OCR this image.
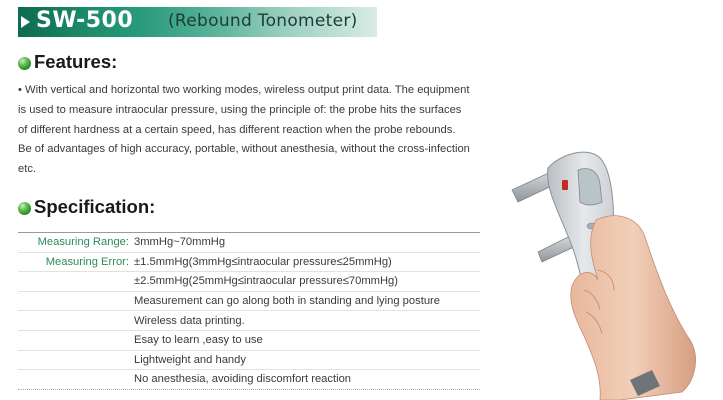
SW-500 (Rebound Tonometer)
Features:

• With vertical and horizontal two working modes, wireless output print data. The equipment

is used to measure intraocular pressure, using the principle of: the probe hits the surfaces

of different hardness at a certain speed, has different reaction when the probe rebounds.

Be of advantages of high accuracy, portable, without anesthesia, without the cross-infection

etc.

Specification:
Measuring Range: 3mmHg~70mmHg
Measuring Error: ±1.5mmHg(3mmHg≤intraocular pressure≤25mmHg)
±2.5mmHg(25mmHg≤intraocular pressure≤70mmHg)
Measurement can go along both in standing and lying posture
Wireless data printing.
Esay to learn ,easy to use
Lightweight and handy
No anesthesia, avoiding discomfort reaction
